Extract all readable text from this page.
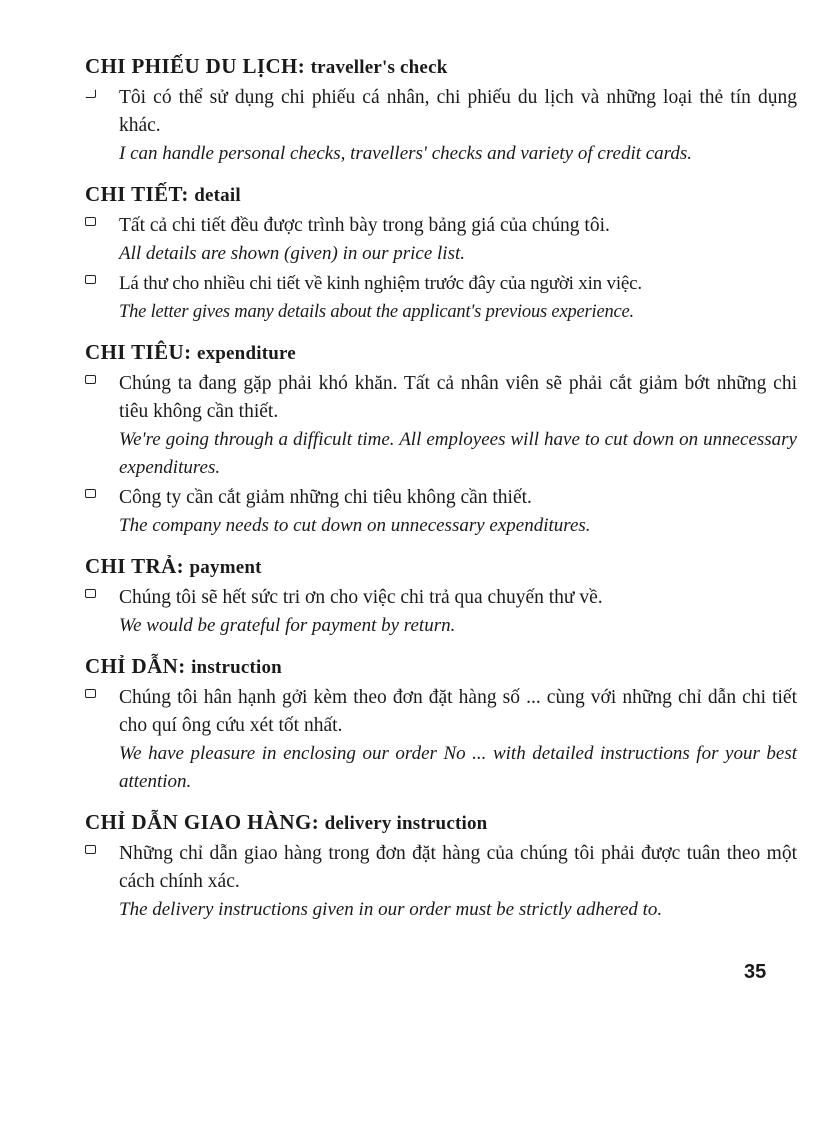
CHI PHIẾU DU LỊCH: traveller's check

Tôi có thể sử dụng chi phiếu cá nhân, chi phiếu du lịch và những loại thẻ tín dụng khác.

I can handle personal checks, travellers' checks and variety of credit cards.

CHI TIẾT: detail

Tất cả chi tiết đều được trình bày trong bảng giá của chúng tôi.

All details are shown (given) in our price list.

Lá thư cho nhiều chi tiết về kinh nghiệm trước đây của người xin việc.

The letter gives many details about the applicant's previous experience.

CHI TIÊU: expenditure

Chúng ta đang gặp phải khó khăn. Tất cả nhân viên sẽ phải cắt giảm bớt những chi tiêu không cần thiết.

We're going through a difficult time. All employees will have to cut down on unnecessary expenditures.

Công ty cần cắt giảm những chi tiêu không cần thiết.

The company needs to cut down on unnecessary expenditures.

CHI TRẢ: payment

Chúng tôi sẽ hết sức tri ơn cho việc chi trả qua chuyến thư về.

We would be grateful for payment by return.

CHỈ DẪN: instruction

Chúng tôi hân hạnh gởi kèm theo đơn đặt hàng số ... cùng với những chỉ dẫn chi tiết cho quí ông cứu xét tốt nhất.

We have pleasure in enclosing our order No ... with detailed instructions for your best attention.

CHỈ DẪN GIAO HÀNG: delivery instruction

Những chỉ dẫn giao hàng trong đơn đặt hàng của chúng tôi phải được tuân theo một cách chính xác.

The delivery instructions given in our order must be strictly adhered to.

35
